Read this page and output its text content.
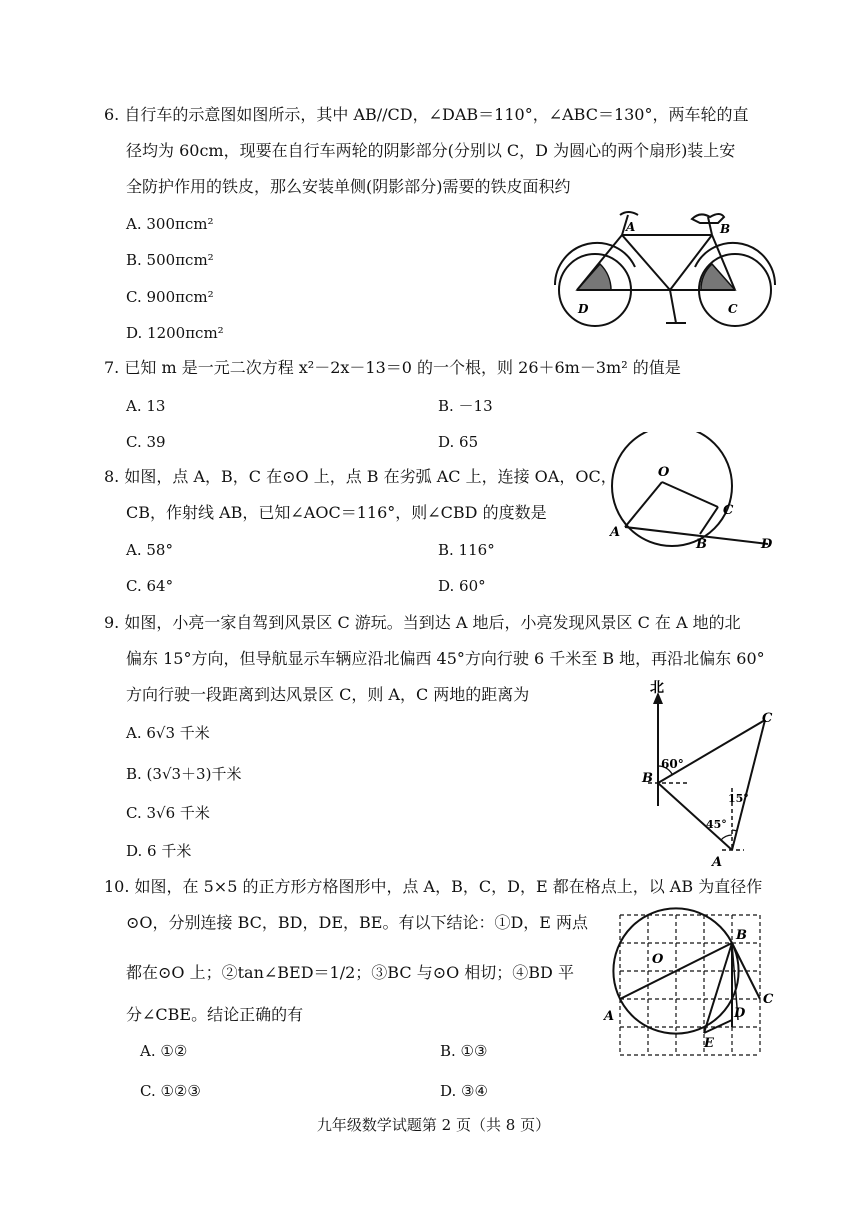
6. 自行车的示意图如图所示，其中 AB//CD，∠DAB＝110°，∠ABC＝130°，两车轮的直
径均为 60cm，现要在自行车两轮的阴影部分(分别以 C，D 为圆心的两个扇形)装上安
全防护作用的铁皮，那么安装单侧(阴影部分)需要的铁皮面积约
A. 300πcm²
B. 500πcm²
C. 900πcm²
D. 1200πcm²
A	B
D	C
7. 已知 m 是一元二次方程 x²－2x－13＝0 的一个根，则 26＋6m－3m² 的值是
A. 13	B. －13
C. 39	D. 65
8. 如图，点 A，B，C 在⊙O 上，点 B 在劣弧 AC 上，连接 OA，OC，
CB，作射线 AB，已知∠AOC＝116°，则∠CBD 的度数是
A. 58°	B. 116°
C. 64°	D. 60°
O
C
A
B	D
9. 如图，小亮一家自驾到风景区 C 游玩。当到达 A 地后，小亮发现风景区 C 在 A 地的北
偏东 15°方向，但导航显示车辆应沿北偏西 45°方向行驶 6 千米至 B 地，再沿北偏东 60°
方向行驶一段距离到达风景区 C，则 A，C 两地的距离为
A. 6√3 千米
B. (3√3＋3)千米
C. 3√6 千米
D. 6 千米
北
C
60°
B
15°
45°
A
10. 如图，在 5×5 的正方形方格图形中，点 A，B，C，D，E 都在格点上，以 AB 为直径作
⊙O，分别连接 BC，BD，DE，BE。有以下结论：①D，E 两点
都在⊙O 上；②tan∠BED＝1/2；③BC 与⊙O 相切；④BD 平
分∠CBE。结论正确的有
A. ①②	B. ①③
C. ①②③	D. ③④
B
O
C
A	D
E
九年级数学试题第 2 页（共 8 页）
